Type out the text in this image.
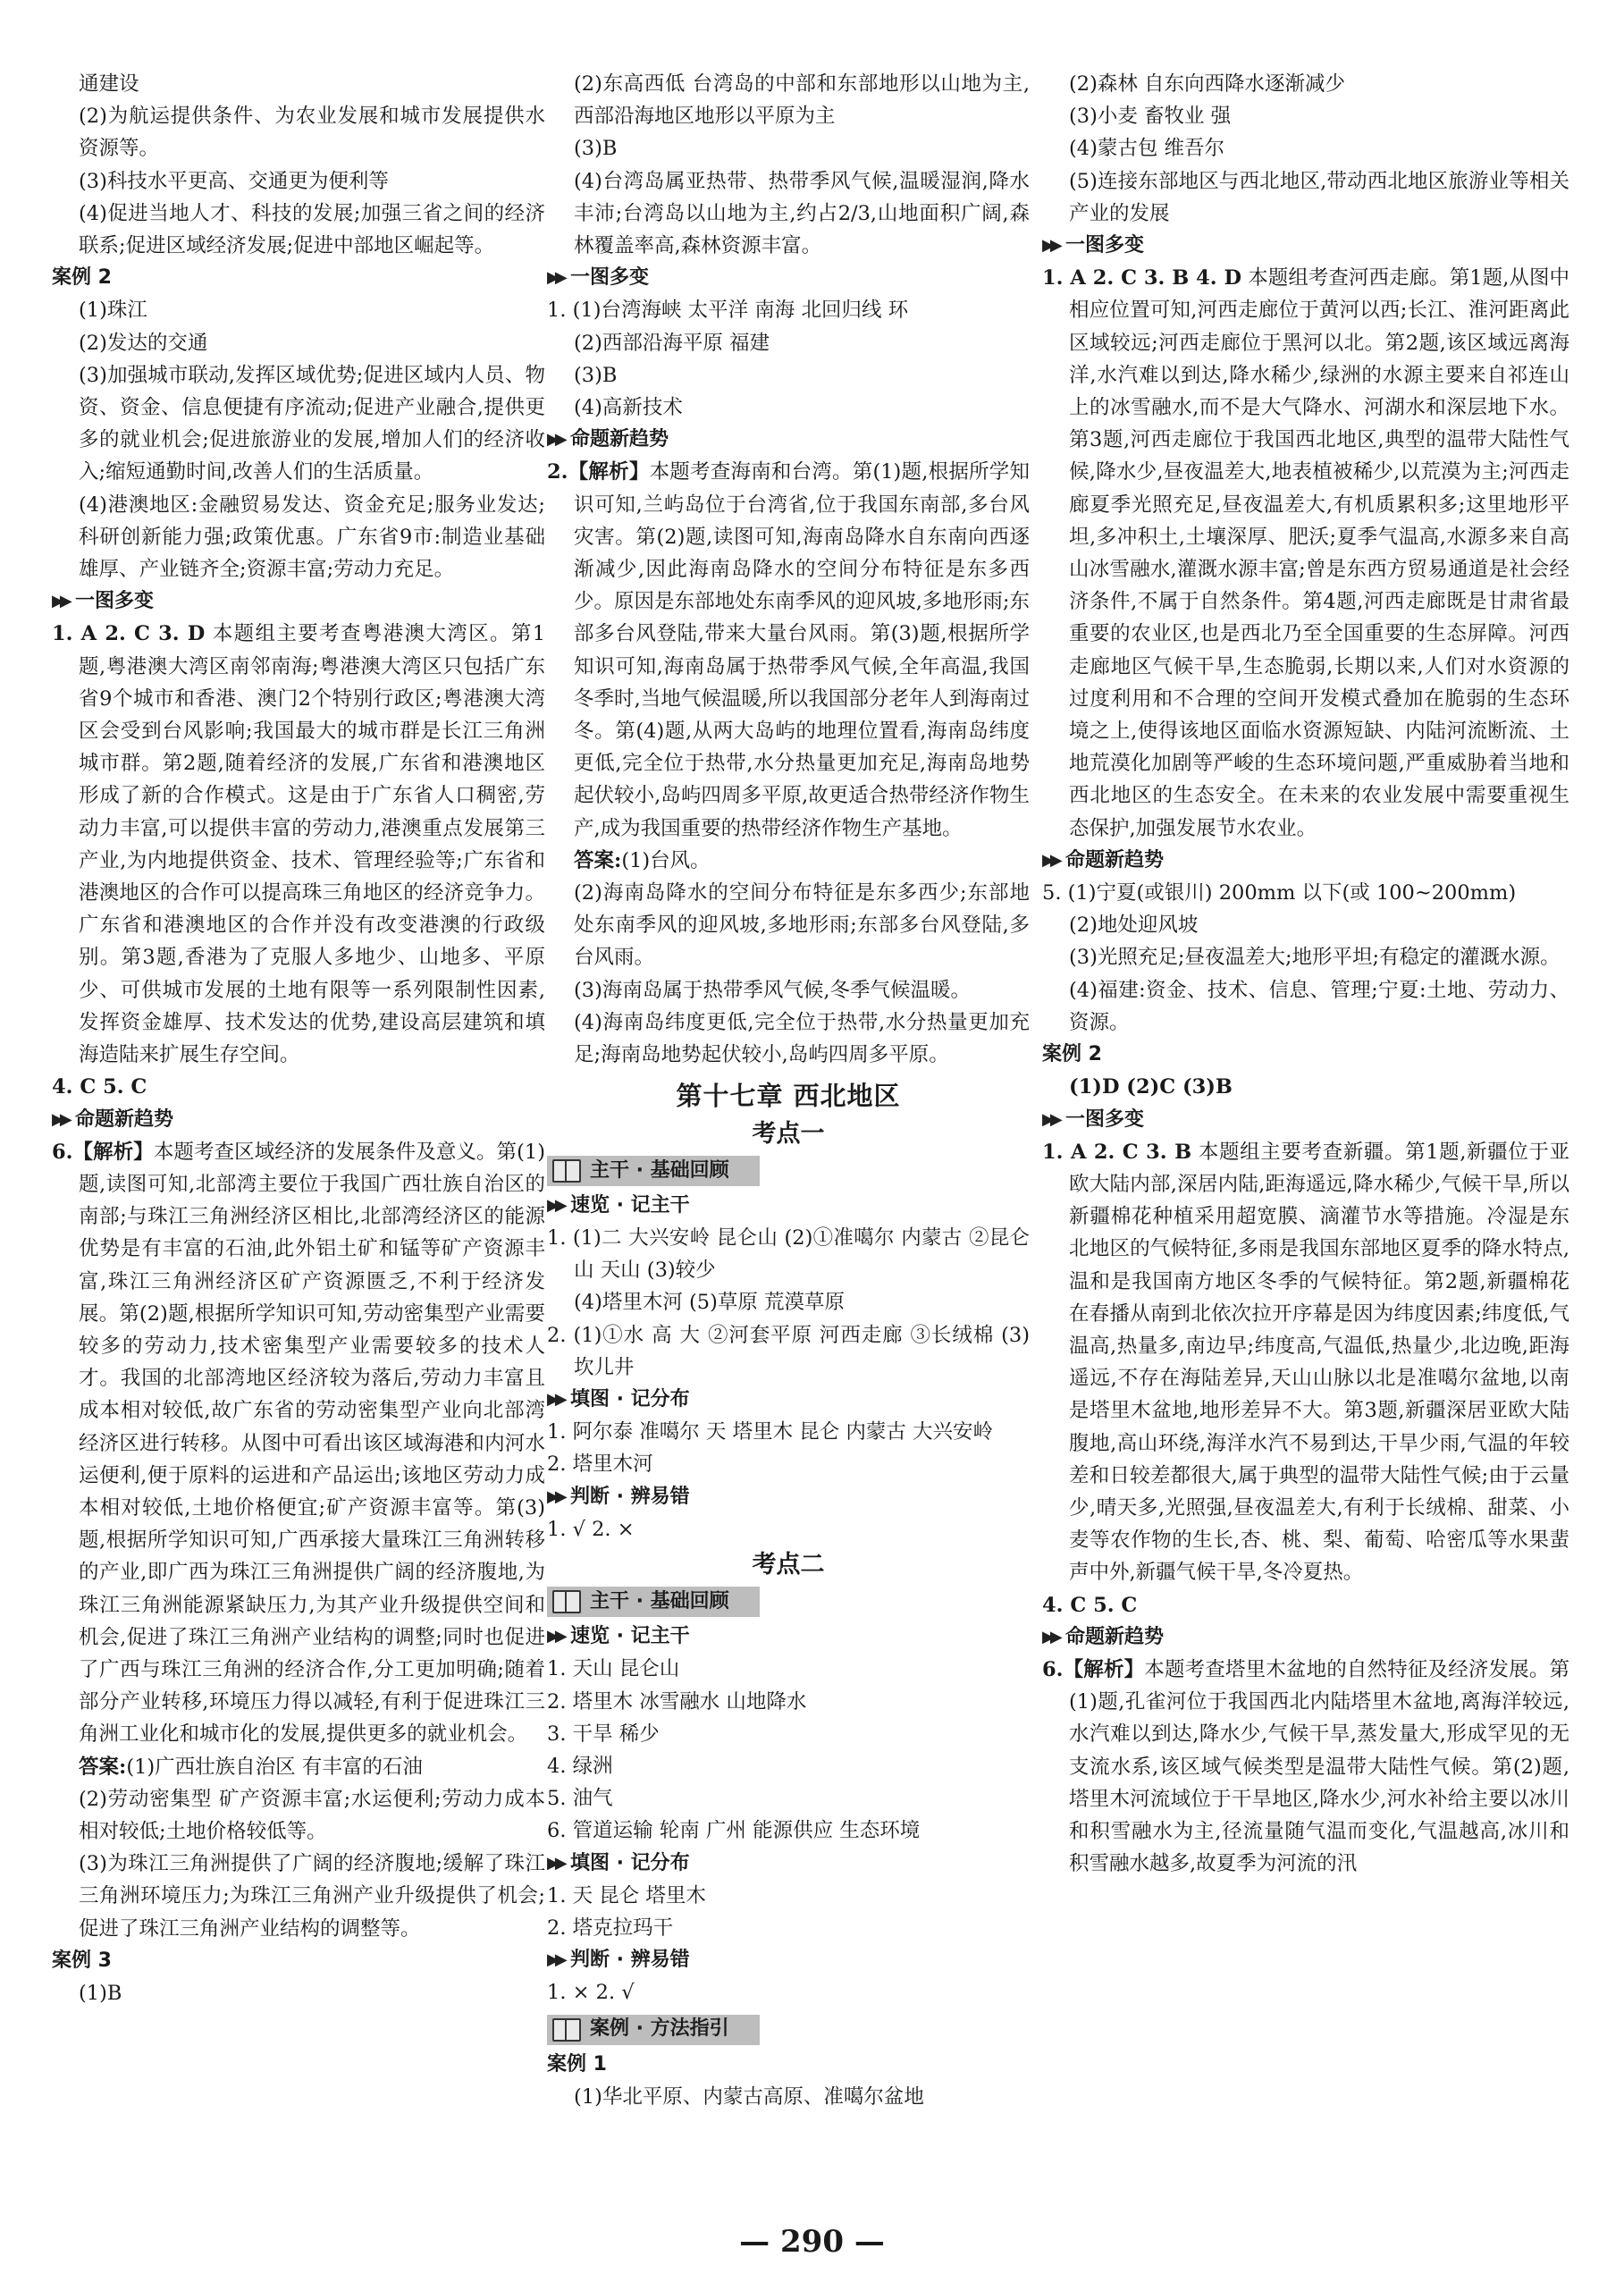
通建设

(2)为航运提供条件、为农业发展和城市发展提供水资源等。

(3)科技水平更高、交通更为便利等

(4)促进当地人才、科技的发展;加强三省之间的经济联系;促进区域经济发展;促进中部地区崛起等。

案例 2

(1)珠江

(2)发达的交通

(3)加强城市联动,发挥区域优势;促进区域内人员、物资、资金、信息便捷有序流动;促进产业融合,提供更多的就业机会;促进旅游业的发展,增加人们的经济收入;缩短通勤时间,改善人们的生活质量。

(4)港澳地区:金融贸易发达、资金充足;服务业发达;科研创新能力强;政策优惠。广东省9市:制造业基础雄厚、产业链齐全;资源丰富;劳动力充足。

▶▶ 一图多变

1. A 2. C 3. D 本题组主要考查粤港澳大湾区。第1题,粤港澳大湾区南邻南海;粤港澳大湾区只包括广东省9个城市和香港、澳门2个特别行政区;粤港澳大湾区会受到台风影响;我国最大的城市群是长江三角洲城市群。第2题,随着经济的发展,广东省和港澳地区形成了新的合作模式。这是由于广东省人口稠密,劳动力丰富,可以提供丰富的劳动力,港澳重点发展第三产业,为内地提供资金、技术、管理经验等;广东省和港澳地区的合作可以提高珠三角地区的经济竞争力。广东省和港澳地区的合作并没有改变港澳的行政级别。第3题,香港为了克服人多地少、山地多、平原少、可供城市发展的土地有限等一系列限制性因素,发挥资金雄厚、技术发达的优势,建设高层建筑和填海造陆来扩展生存空间。

4. C 5. C

▶▶ 命题新趋势

6.【解析】本题考查区域经济的发展条件及意义。第(1)题,读图可知,北部湾主要位于我国广西壮族自治区的南部;与珠江三角洲经济区相比,北部湾经济区的能源优势是有丰富的石油,此外铝土矿和锰等矿产资源丰富,珠江三角洲经济区矿产资源匮乏,不利于经济发展。第(2)题,根据所学知识可知,劳动密集型产业需要较多的劳动力,技术密集型产业需要较多的技术人才。我国的北部湾地区经济较为落后,劳动力丰富且成本相对较低,故广东省的劳动密集型产业向北部湾经济区进行转移。从图中可看出该区域海港和内河水运便利,便于原料的运进和产品运出;该地区劳动力成本相对较低,土地价格便宜;矿产资源丰富等。第(3)题,根据所学知识可知,广西承接大量珠江三角洲转移的产业,即广西为珠江三角洲提供广阔的经济腹地,为珠江三角洲能源紧缺压力,为其产业升级提供空间和机会,促进了珠江三角洲产业结构的调整;同时也促进了广西与珠江三角洲的经济合作,分工更加明确;随着部分产业转移,环境压力得以减轻,有利于促进珠江三角洲工业化和城市化的发展,提供更多的就业机会。

答案:(1)广西壮族自治区 有丰富的石油

(2)劳动密集型 矿产资源丰富;水运便利;劳动力成本相对较低;土地价格较低等。

(3)为珠江三角洲提供了广阔的经济腹地;缓解了珠江三角洲环境压力;为珠江三角洲产业升级提供了机会;促进了珠江三角洲产业结构的调整等。

案例 3

(1)B

(2)东高西低 台湾岛的中部和东部地形以山地为主,西部沿海地区地形以平原为主

(3)B

(4)台湾岛属亚热带、热带季风气候,温暖湿润,降水丰沛;台湾岛以山地为主,约占2/3,山地面积广阔,森林覆盖率高,森林资源丰富。

▶▶ 一图多变

1. (1)台湾海峡 太平洋 南海 北回归线 环

(2)西部沿海平原 福建

(3)B

(4)高新技术

▶▶ 命题新趋势

2.【解析】本题考查海南和台湾。第(1)题,根据所学知识可知,兰屿岛位于台湾省,位于我国东南部,多台风灾害。第(2)题,读图可知,海南岛降水自东南向西逐渐减少,因此海南岛降水的空间分布特征是东多西少。原因是东部地处东南季风的迎风坡,多地形雨;东部多台风登陆,带来大量台风雨。第(3)题,根据所学知识可知,海南岛属于热带季风气候,全年高温,我国冬季时,当地气候温暖,所以我国部分老年人到海南过冬。第(4)题,从两大岛屿的地理位置看,海南岛纬度更低,完全位于热带,水分热量更加充足,海南岛地势起伏较小,岛屿四周多平原,故更适合热带经济作物生产,成为我国重要的热带经济作物生产基地。

答案:(1)台风。

(2)海南岛降水的空间分布特征是东多西少;东部地处东南季风的迎风坡,多地形雨;东部多台风登陆,多台风雨。

(3)海南岛属于热带季风气候,冬季气候温暖。

(4)海南岛纬度更低,完全位于热带,水分热量更加充足;海南岛地势起伏较小,岛屿四周多平原。

第十七章 西北地区
考点一
主干 · 基础回顾

▶▶ 速览 · 记主干

1. (1)二 大兴安岭 昆仑山 (2)①准噶尔 内蒙古 ②昆仑山 天山 (3)较少

(4)塔里木河 (5)草原 荒漠草原

2. (1)①水 高 大 ②河套平原 河西走廊 ③长绒棉 (3)坎儿井

▶▶ 填图 · 记分布

1. 阿尔泰 准噶尔 天 塔里木 昆仑 内蒙古 大兴安岭

2. 塔里木河

▶▶ 判断 · 辨易错

1. √ 2. ×

考点二
主干 · 基础回顾

▶▶ 速览 · 记主干

1. 天山 昆仑山

2. 塔里木 冰雪融水 山地降水

3. 干旱 稀少

4. 绿洲

5. 油气

6. 管道运输 轮南 广州 能源供应 生态环境

▶▶ 填图 · 记分布

1. 天 昆仑 塔里木

2. 塔克拉玛干

▶▶ 判断 · 辨易错

1. × 2. √

案例 · 方法指引

案例 1

(1)华北平原、内蒙古高原、准噶尔盆地

(2)森林 自东向西降水逐渐减少

(3)小麦 畜牧业 强

(4)蒙古包 维吾尔

(5)连接东部地区与西北地区,带动西北地区旅游业等相关产业的发展

▶▶ 一图多变

1. A 2. C 3. B 4. D 本题组考查河西走廊。第1题,从图中相应位置可知,河西走廊位于黄河以西;长江、淮河距离此区域较远;河西走廊位于黑河以北。第2题,该区域远离海洋,水汽难以到达,降水稀少,绿洲的水源主要来自祁连山上的冰雪融水,而不是大气降水、河湖水和深层地下水。第3题,河西走廊位于我国西北地区,典型的温带大陆性气候,降水少,昼夜温差大,地表植被稀少,以荒漠为主;河西走廊夏季光照充足,昼夜温差大,有机质累积多;这里地形平坦,多冲积土,土壤深厚、肥沃;夏季气温高,水源多来自高山冰雪融水,灌溉水源丰富;曾是东西方贸易通道是社会经济条件,不属于自然条件。第4题,河西走廊既是甘肃省最重要的农业区,也是西北乃至全国重要的生态屏障。河西走廊地区气候干旱,生态脆弱,长期以来,人们对水资源的过度利用和不合理的空间开发模式叠加在脆弱的生态环境之上,使得该地区面临水资源短缺、内陆河流断流、土地荒漠化加剧等严峻的生态环境问题,严重威胁着当地和西北地区的生态安全。在未来的农业发展中需要重视生态保护,加强发展节水农业。

▶▶ 命题新趋势

5. (1)宁夏(或银川) 200mm 以下(或 100~200mm)

(2)地处迎风坡

(3)光照充足;昼夜温差大;地形平坦;有稳定的灌溉水源。

(4)福建:资金、技术、信息、管理;宁夏:土地、劳动力、资源。

案例 2

(1)D (2)C (3)B

▶▶ 一图多变

1. A 2. C 3. B 本题组主要考查新疆。第1题,新疆位于亚欧大陆内部,深居内陆,距海遥远,降水稀少,气候干旱,所以新疆棉花种植采用超宽膜、滴灌节水等措施。冷湿是东北地区的气候特征,多雨是我国东部地区夏季的降水特点,温和是我国南方地区冬季的气候特征。第2题,新疆棉花在春播从南到北依次拉开序幕是因为纬度因素;纬度低,气温高,热量多,南边早;纬度高,气温低,热量少,北边晚,距海遥远,不存在海陆差异,天山山脉以北是准噶尔盆地,以南是塔里木盆地,地形差异不大。第3题,新疆深居亚欧大陆腹地,高山环绕,海洋水汽不易到达,干旱少雨,气温的年较差和日较差都很大,属于典型的温带大陆性气候;由于云量少,晴天多,光照强,昼夜温差大,有利于长绒棉、甜菜、小麦等农作物的生长,杏、桃、梨、葡萄、哈密瓜等水果蜚声中外,新疆气候干旱,冬冷夏热。

4. C 5. C

▶▶ 命题新趋势

6.【解析】本题考查塔里木盆地的自然特征及经济发展。第(1)题,孔雀河位于我国西北内陆塔里木盆地,离海洋较远,水汽难以到达,降水少,气候干旱,蒸发量大,形成罕见的无支流水系,该区域气候类型是温带大陆性气候。第(2)题,塔里木河流域位于干旱地区,降水少,河水补给主要以冰川和积雪融水为主,径流量随气温而变化,气温越高,冰川和积雪融水越多,故夏季为河流的汛

— 290 —
